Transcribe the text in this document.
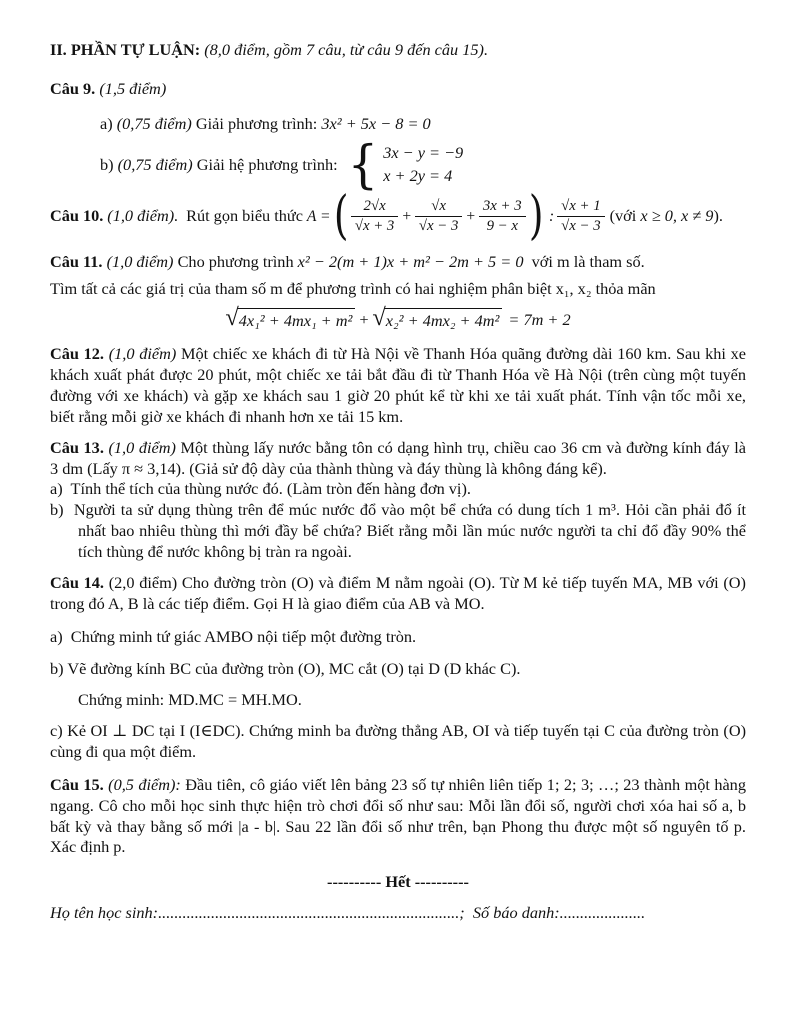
II. PHẦN TỰ LUẬN: (8,0 điểm, gồm 7 câu, từ câu 9 đến câu 15).

Câu 9. (1,5 điểm)

a) (0,75 điểm) Giải phương trình: 3x² + 5x − 8 = 0

b)
(0,75 điểm)
Giải hệ phương trình: { 3x − y = −9
x + 2y = 4
Câu 10.
(1,0 điểm).
Rút gọn biểu thức
A = ( $\frac{2√x}{√x + 3} + \frac{√x}{√x - 3} + \frac{3x + 3}{9 - x}$ ) : $\frac{√x + 1}{√x - 3}$ (với x ≥ 0, x ≠ 9).

Câu 11. (1,0 điểm) Cho phương trình x² − 2(m + 1)x + m² − 2m + 5 = 0 với m là tham số.

Tìm tất cả các giá trị của tham số m để phương trình có hai nghiệm phân biệt x₁, x₂ thỏa mãn

√ 4x₁² + 4mx₁ + m² + √ x₂² + 4mx₂ + 4m² = 7m + 2

Câu 12. (1,0 điểm) Một chiếc xe khách đi từ Hà Nội về Thanh Hóa quãng đường dài 160 km. Sau khi xe khách xuất phát được 20 phút, một chiếc xe tải bắt đầu đi từ Thanh Hóa về Hà Nội (trên cùng một tuyến đường với xe khách) và gặp xe khách sau 1 giờ 20 phút kể từ khi xe tải xuất phát. Tính vận tốc mỗi xe, biết rằng mỗi giờ xe khách đi nhanh hơn xe tải 15 km.

Câu 13. (1,0 điểm) Một thùng lấy nước bằng tôn có dạng hình trụ, chiều cao 36 cm và đường kính đáy là 3 dm (Lấy π ≈ 3,14). (Giả sử độ dày của thành thùng và đáy thùng là không đáng kể).

a) Tính thể tích của thùng nước đó. (Làm tròn đến hàng đơn vị).

b) Người ta sử dụng thùng trên để múc nước đổ vào một bể chứa có dung tích 1 m³. Hỏi cần phải đổ ít nhất bao nhiêu thùng thì mới đầy bể chứa? Biết rằng mỗi lần múc nước người ta chỉ đổ đầy 90% thể tích thùng để nước không bị tràn ra ngoài.

Câu 14. (2,0 điểm) Cho đường tròn (O) và điểm M nằm ngoài (O). Từ M kẻ tiếp tuyến MA, MB với (O) trong đó A, B là các tiếp điểm. Gọi H là giao điểm của AB và MO.

a) Chứng minh tứ giác AMBO nội tiếp một đường tròn.

b) Vẽ đường kính BC của đường tròn (O), MC cắt (O) tại D (D khác C).

Chứng minh: MD.MC = MH.MO.

c) Kẻ OI ⊥ DC tại I (I∈DC). Chứng minh ba đường thẳng AB, OI và tiếp tuyến tại C của đường tròn (O) cùng đi qua một điểm.

Câu 15. (0,5 điểm): Đầu tiên, cô giáo viết lên bảng 23 số tự nhiên liên tiếp 1; 2; 3; …; 23 thành một hàng ngang. Cô cho mỗi học sinh thực hiện trò chơi đổi số như sau: Mỗi lần đổi số, người chơi xóa hai số a, b bất kỳ và thay bằng số mới |a - b|. Sau 22 lần đổi số như trên, bạn Phong thu được một số nguyên tố p. Xác định p.

---------- Hết ----------

Họ tên học sinh:..........................................................................; Số báo danh:.....................
